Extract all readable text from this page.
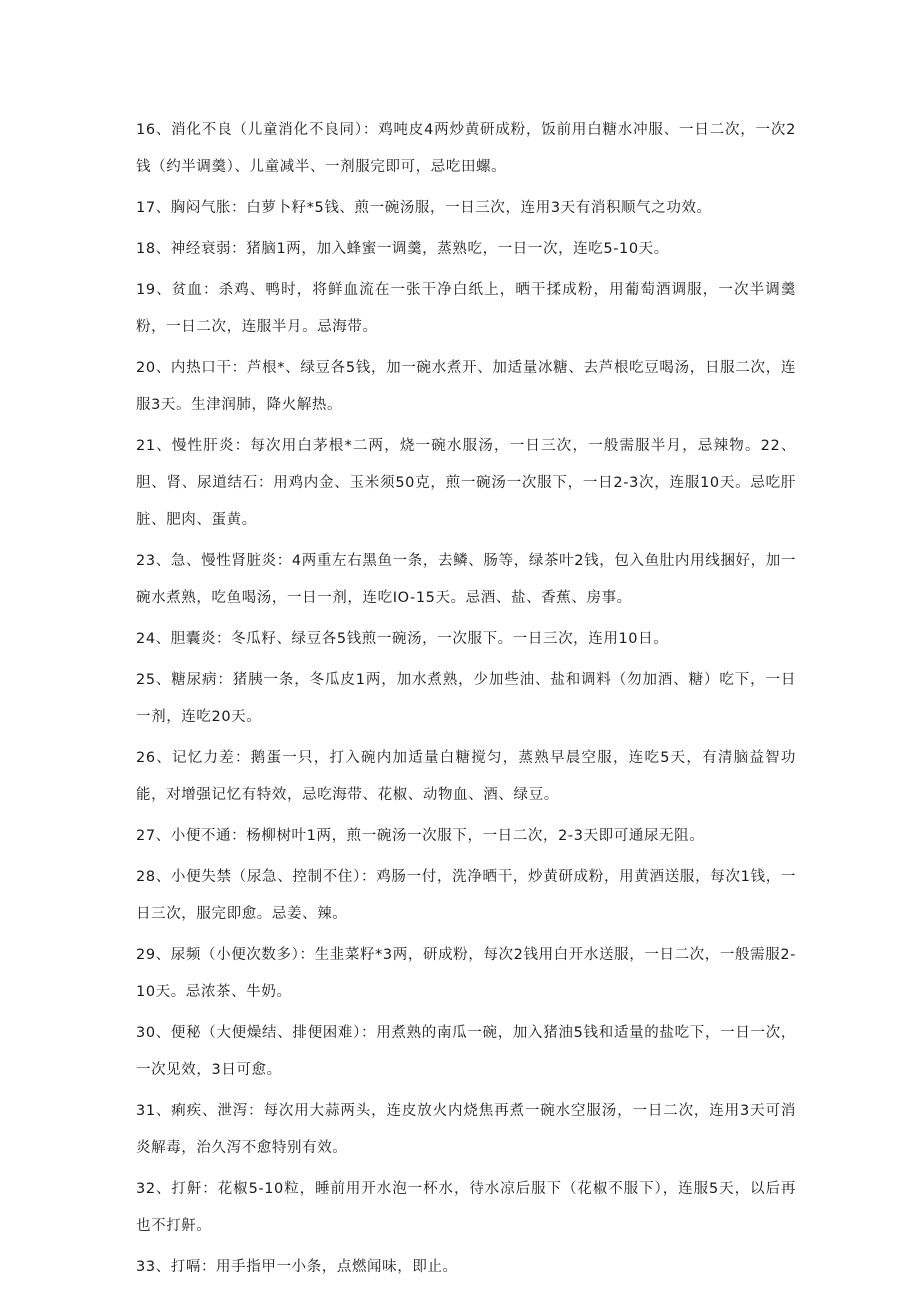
16、消化不良（儿童消化不良同）：鸡吨皮4两炒黄研成粉，饭前用白糖水冲服、一日二次，一次2钱（约半调羹）、儿童减半、一剂服完即可，忌吃田螺。

17、胸闷气胀：白萝卜籽*5钱、煎一碗汤服，一日三次，连用3天有消积顺气之功效。

18、神经衰弱：猪脑1两，加入蜂蜜一调羹，蒸熟吃，一日一次，连吃5-10天。

19、贫血：杀鸡、鸭时，将鲜血流在一张干净白纸上，晒干揉成粉，用葡萄酒调服，一次半调羹粉，一日二次，连服半月。忌海带。

20、内热口干：芦根*、绿豆各5钱，加一碗水煮开、加适量冰糖、去芦根吃豆喝汤，日服二次，连服3天。生津润肺，降火解热。

21、慢性肝炎：每次用白茅根*二两，烧一碗水服汤，一日三次，一般需服半月，忌辣物。22、胆、肾、尿道结石：用鸡内金、玉米须50克，煎一碗汤一次服下，一日2-3次，连服10天。忌吃肝脏、肥肉、蛋黄。

23、急、慢性肾脏炎：4两重左右黑鱼一条，去鳞、肠等，绿茶叶2钱，包入鱼肚内用线捆好，加一碗水煮熟，吃鱼喝汤，一日一剂，连吃IO-15天。忌酒、盐、香蕉、房事。

24、胆囊炎：冬瓜籽、绿豆各5钱煎一碗汤，一次服下。一日三次，连用10日。

25、糖尿病：猪胰一条，冬瓜皮1两，加水煮熟，少加些油、盐和调料（勿加酒、糖）吃下，一日一剂，连吃20天。

26、记忆力差：鹅蛋一只，打入碗内加适量白糖搅匀，蒸熟早晨空服，连吃5天，有清脑益智功能，对增强记忆有特效，忌吃海带、花椒、动物血、酒、绿豆。

27、小便不通：杨柳树叶1两，煎一碗汤一次服下，一日二次，2-3天即可通尿无阻。

28、小便失禁（尿急、控制不住）：鸡肠一付，洗净晒干，炒黄研成粉，用黄酒送服，每次1钱，一日三次，服完即愈。忌姜、辣。

29、尿频（小便次数多）：生韭菜籽*3两，研成粉，每次2钱用白开水送服，一日二次，一般需服2-10天。忌浓茶、牛奶。

30、便秘（大便燥结、排便困难）：用煮熟的南瓜一碗，加入猪油5钱和适量的盐吃下，一日一次，一次见效，3日可愈。

31、痢疾、泄泻：每次用大蒜两头，连皮放火内烧焦再煮一碗水空服汤，一日二次，连用3天可消炎解毒，治久泻不愈特别有效。

32、打鼾：花椒5-10粒，睡前用开水泡一杯水，待水凉后服下（花椒不服下），连服5天，以后再也不打鼾。

33、打嗝：用手指甲一小条，点燃闻味，即止。
